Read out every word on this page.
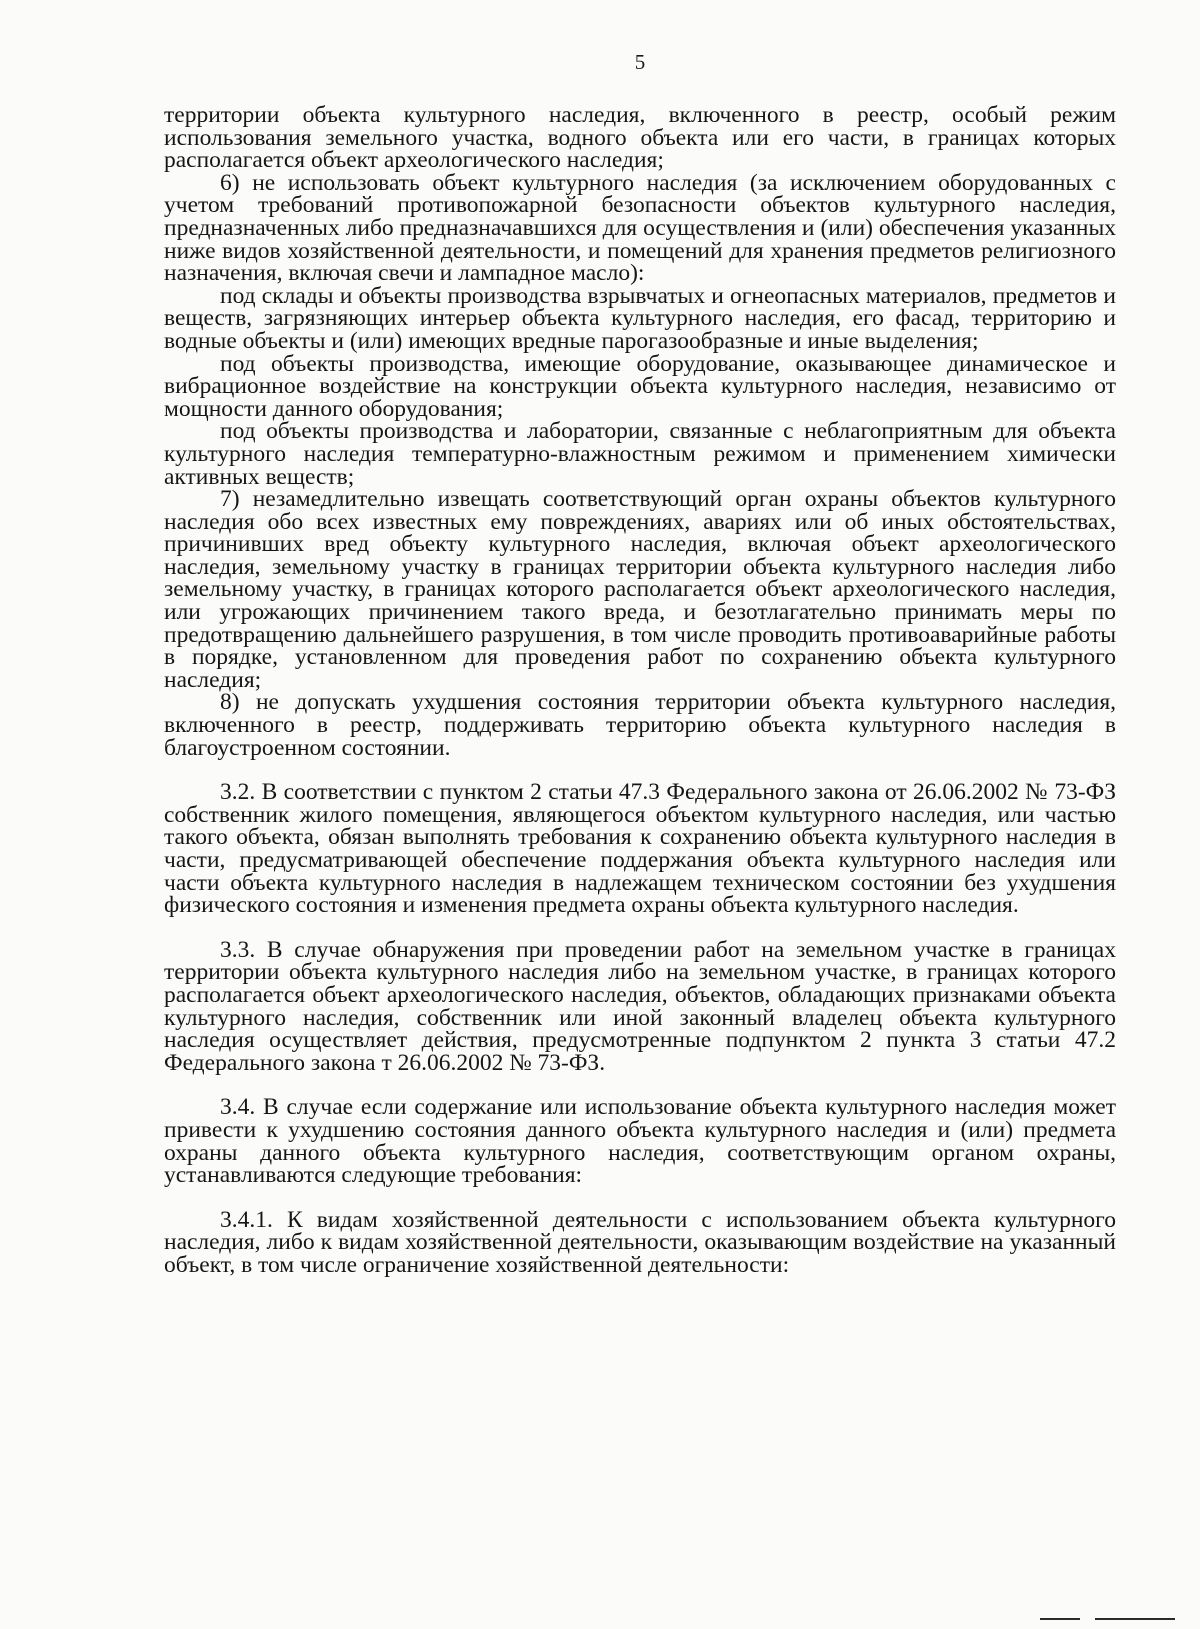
5

территории объекта культурного наследия, включенного в реестр, особый режим использования земельного участка, водного объекта или его части, в границах которых располагается объект археологического наследия;

6) не использовать объект культурного наследия (за исключением оборудованных с учетом требований противопожарной безопасности объектов культурного наследия, предназначенных либо предназначавшихся для осуществления и (или) обеспечения указанных ниже видов хозяйственной деятельности, и помещений для хранения предметов религиозного назначения, включая свечи и лампадное масло):

под склады и объекты производства взрывчатых и огнеопасных материалов, предметов и веществ, загрязняющих интерьер объекта культурного наследия, его фасад, территорию и водные объекты и (или) имеющих вредные парогазообразные и иные выделения;

под объекты производства, имеющие оборудование, оказывающее динамическое и вибрационное воздействие на конструкции объекта культурного наследия, независимо от мощности данного оборудования;

под объекты производства и лаборатории, связанные с неблагоприятным для объекта культурного наследия температурно-влажностным режимом и применением химически активных веществ;

7) незамедлительно извещать соответствующий орган охраны объектов культурного наследия обо всех известных ему повреждениях, авариях или об иных обстоятельствах, причинивших вред объекту культурного наследия, включая объект археологического наследия, земельному участку в границах территории объекта культурного наследия либо земельному участку, в границах которого располагается объект археологического наследия, или угрожающих причинением такого вреда, и безотлагательно принимать меры по предотвращению дальнейшего разрушения, в том числе проводить противоаварийные работы в порядке, установленном для проведения работ по сохранению объекта культурного наследия;

8) не допускать ухудшения состояния территории объекта культурного наследия, включенного в реестр, поддерживать территорию объекта культурного наследия в благоустроенном состоянии.

3.2. В соответствии с пунктом 2 статьи 47.3 Федерального закона от 26.06.2002 № 73-ФЗ собственник жилого помещения, являющегося объектом культурного наследия, или частью такого объекта, обязан выполнять требования к сохранению объекта культурного наследия в части, предусматривающей обеспечение поддержания объекта культурного наследия или части объекта культурного наследия в надлежащем техническом состоянии без ухудшения физического состояния и изменения предмета охраны объекта культурного наследия.

3.3. В случае обнаружения при проведении работ на земельном участке в границах территории объекта культурного наследия либо на земельном участке, в границах которого располагается объект археологического наследия, объектов, обладающих признаками объекта культурного наследия, собственник или иной законный владелец объекта культурного наследия осуществляет действия, предусмотренные подпунктом 2 пункта 3 статьи 47.2 Федерального закона т 26.06.2002 № 73-ФЗ.

3.4. В случае если содержание или использование объекта культурного наследия может привести к ухудшению состояния данного объекта культурного наследия и (или) предмета охраны данного объекта культурного наследия, соответствующим органом охраны, устанавливаются следующие требования:

3.4.1. К видам хозяйственной деятельности с использованием объекта культурного наследия, либо к видам хозяйственной деятельности, оказывающим воздействие на указанный объект, в том числе ограничение хозяйственной деятельности:
